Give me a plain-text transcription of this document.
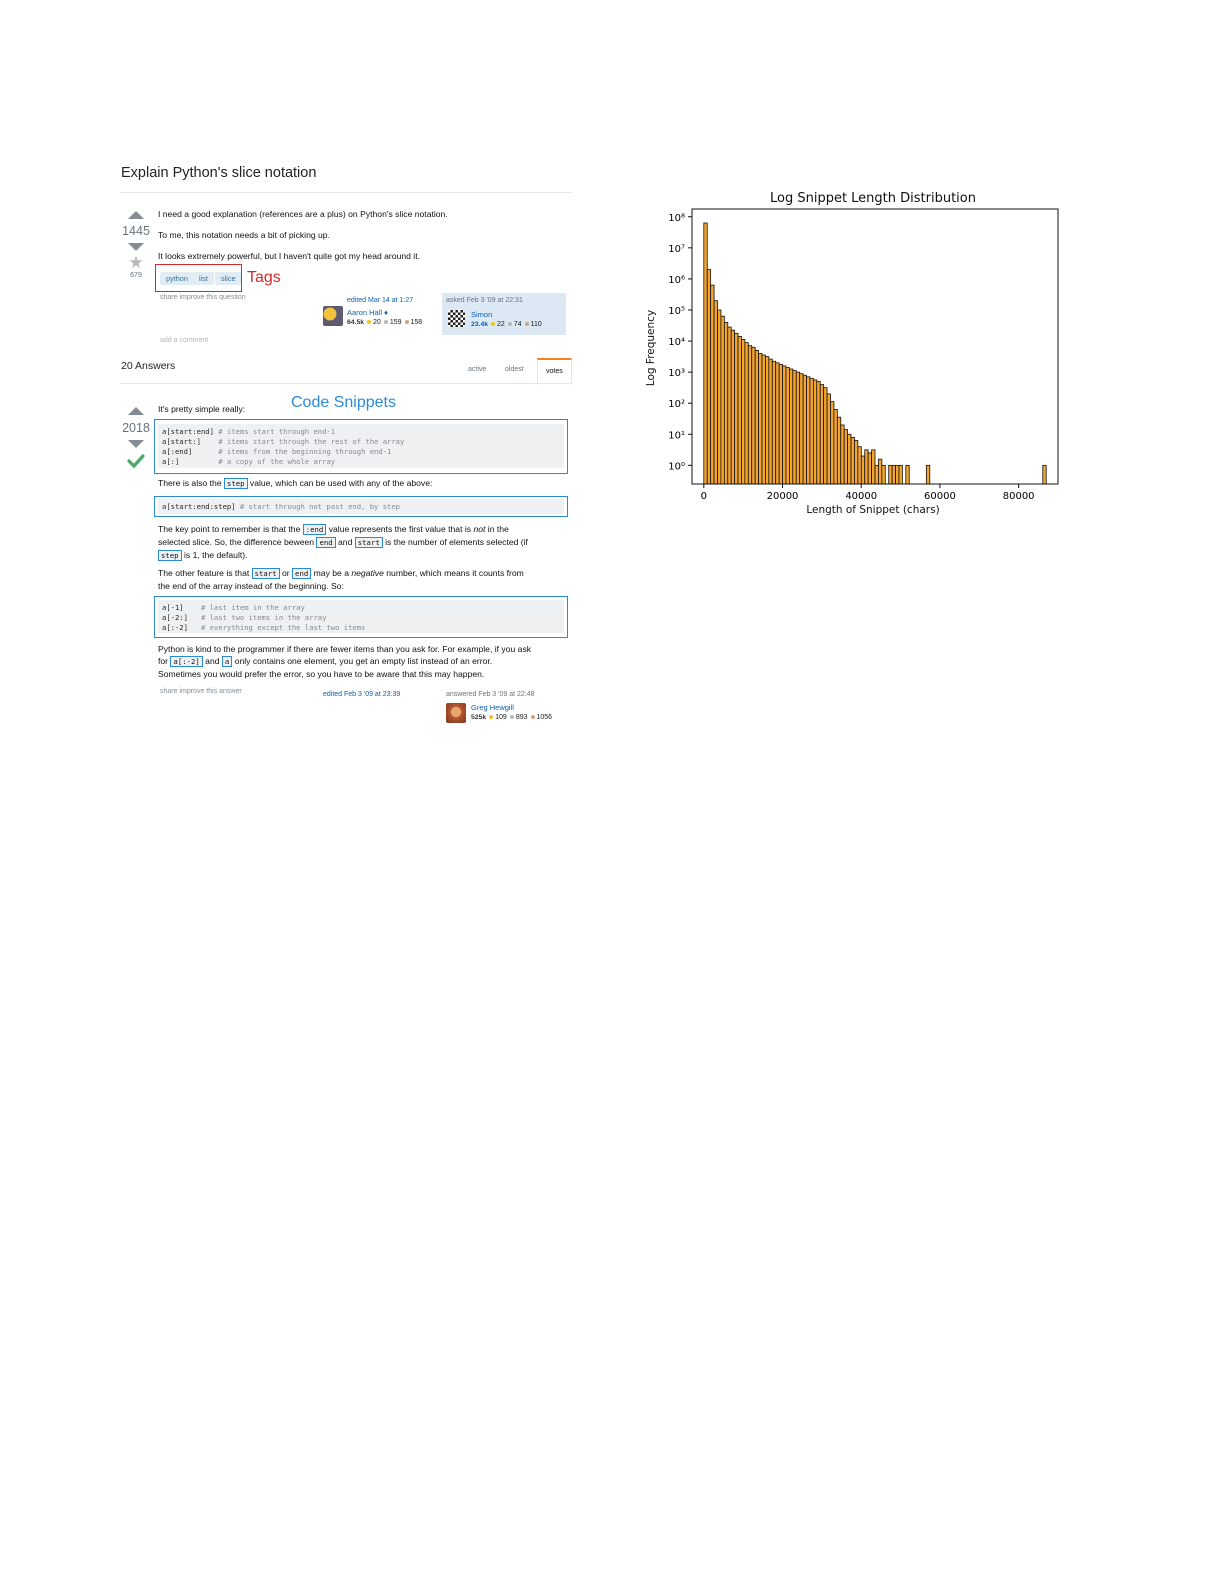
Explain Python's slice notation
1445
★
679
I need a good explanation (references are a plus) on Python's slice notation.
To me, this notation needs a bit of picking up.
It looks extremely powerful, but I haven't quite got my head around it.
python	list	slice Tags
share improve this question	edited Mar 14 at 1:27
Aaron Hall ♦
64.5k 20 159 158
asked Feb 3 '09 at 22:31
Simon
23.4k 22 74 110
add a comment
20 Answers	active	oldest	votes
2018
It's pretty simple really:	Code Snippets
a[start:end] # items start through end-1
a[start:]    # items start through the rest of the array
a[:end]      # items from the beginning through end-1
a[:]         # a copy of the whole array
There is also the step value, which can be used with any of the above:
a[start:end:step] # start through not past end, by step
The key point to remember is that the :end value represents the first value that is not in the
selected slice. So, the difference beween end and start is the number of elements selected (if
step is 1, the default).
The other feature is that start or end may be a negative number, which means it counts from
the end of the array instead of the beginning. So:
a[-1]    # last item in the array
a[-2:]   # last two items in the array
a[:-2]   # everything except the last two items
Python is kind to the programmer if there are fewer items than you ask for. For example, if you ask
for a[:-2] and a only contains one element, you get an empty list instead of an error.
Sometimes you would prefer the error, so you have to be aware that this may happen.
share improve this answer	edited Feb 3 '09 at 23:39	answered Feb 3 '09 at 22:48
Greg Hewgill
525k 109 893 1056
Log Snippet Length Distribution
Length of Snippet (chars)
Log Frequency
0	20000	40000	60000	80000
10⁰
10¹
10²
10³
10⁴
10⁵
10⁶
10⁷
10⁸
